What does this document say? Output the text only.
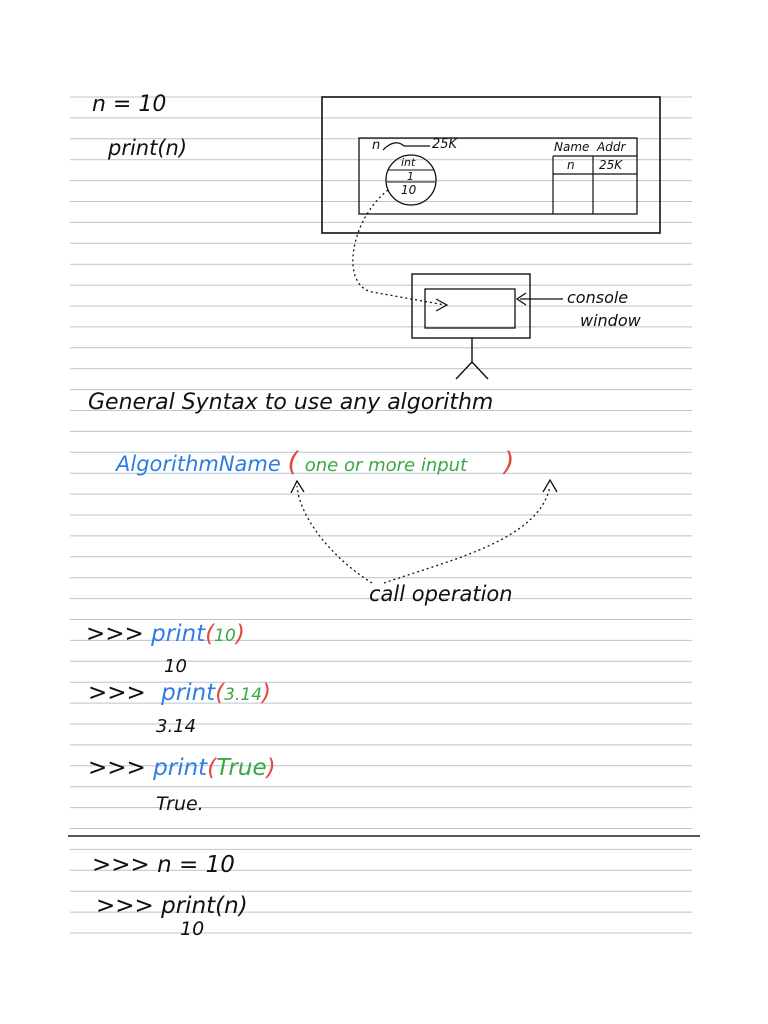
n = 10
print(n)	n	25K
int
1
10
Name Addr
n 25K
console
window
General Syntax to use any algorithm
AlgorithmName ( one or more input )
call operation
>>> print(10)
10
>>> print(3.14)
3.14
>>> print(True)
True.
>>> n = 10
>>> print(n)
10
